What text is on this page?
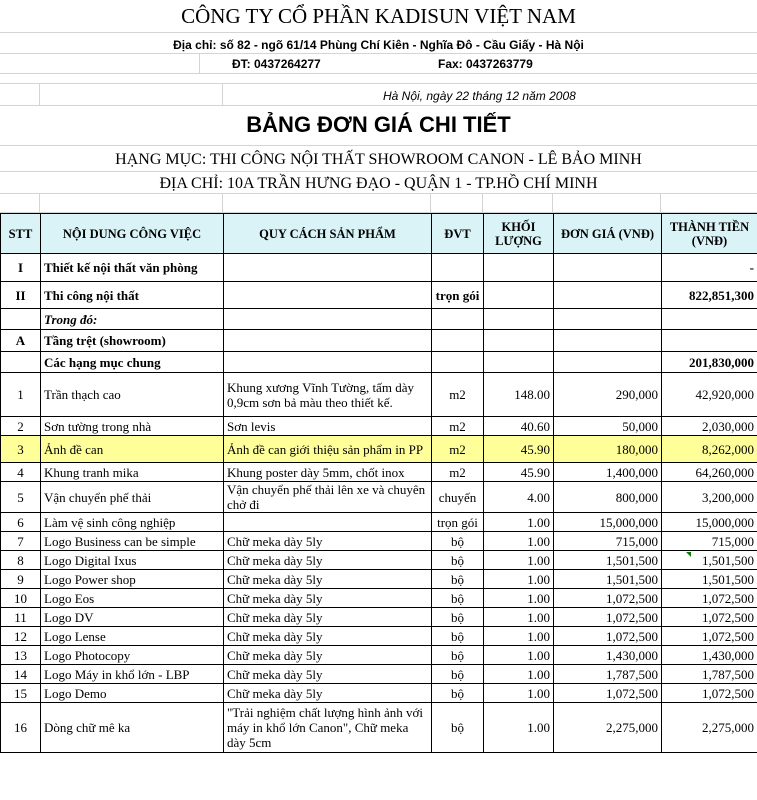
CÔNG TY CỔ PHẦN KADISUN VIỆT NAM
Địa chỉ: số 82 - ngõ 61/14 Phùng Chí Kiên - Nghĩa Đô - Cầu Giấy - Hà Nội
ĐT: 0437264277	Fax: 0437263779
Hà Nội, ngày 22 tháng 12 năm 2008
BẢNG ĐƠN GIÁ CHI TIẾT
HẠNG MỤC: THI CÔNG NỘI THẤT SHOWROOM CANON - LÊ BẢO MINH
ĐỊA CHỈ: 10A TRẦN HƯNG ĐẠO - QUẬN 1 - TP.HỒ CHÍ MINH
STT	NỘI DUNG CÔNG VIỆC	QUY CÁCH SẢN PHẨM	ĐVT	KHỐI LƯỢNG	ĐƠN GIÁ (VNĐ)	THÀNH TIỀN (VNĐ)
I	Thiết kế nội thất văn phòng					-
II	Thi công nội thất		trọn gói			822,851,300
	Trong đó:					
A	Tầng trệt (showroom)					
	Các hạng mục chung					201,830,000
1	Trần thạch cao	Khung xương Vĩnh Tường, tấm dày 0,9cm sơn bả màu theo thiết kế.	m2	148.00	290,000	42,920,000
2	Sơn tường trong nhà	Sơn levis	m2	40.60	50,000	2,030,000
3	Ảnh đề can	Ảnh đề can giới thiệu sản phẩm in PP	m2	45.90	180,000	8,262,000
4	Khung tranh mika	Khung poster dày 5mm, chốt inox	m2	45.90	1,400,000	64,260,000
5	Vận chuyển phế thải	Vận chuyển phế thải lên xe và chuyên chở đi	chuyến	4.00	800,000	3,200,000
6	Làm vệ sinh công nghiệp		trọn gói	1.00	15,000,000	15,000,000
7	Logo Business can be simple	Chữ meka dày 5ly	bộ	1.00	715,000	715,000
8	Logo Digital Ixus	Chữ meka dày 5ly	bộ	1.00	1,501,500	1,501,500
9	Logo Power shop	Chữ meka dày 5ly	bộ	1.00	1,501,500	1,501,500
10	Logo Eos	Chữ meka dày 5ly	bộ	1.00	1,072,500	1,072,500
11	Logo DV	Chữ meka dày 5ly	bộ	1.00	1,072,500	1,072,500
12	Logo Lense	Chữ meka dày 5ly	bộ	1.00	1,072,500	1,072,500
13	Logo Photocopy	Chữ meka dày 5ly	bộ	1.00	1,430,000	1,430,000
14	Logo Máy in khổ lớn - LBP	Chữ meka dày 5ly	bộ	1.00	1,787,500	1,787,500
15	Logo Demo	Chữ meka dày 5ly	bộ	1.00	1,072,500	1,072,500
16	Dòng chữ mê ka	"Trải nghiệm chất lượng hình ảnh với máy in khổ lớn Canon", Chữ meka dày 5cm	bộ	1.00	2,275,000	2,275,000
